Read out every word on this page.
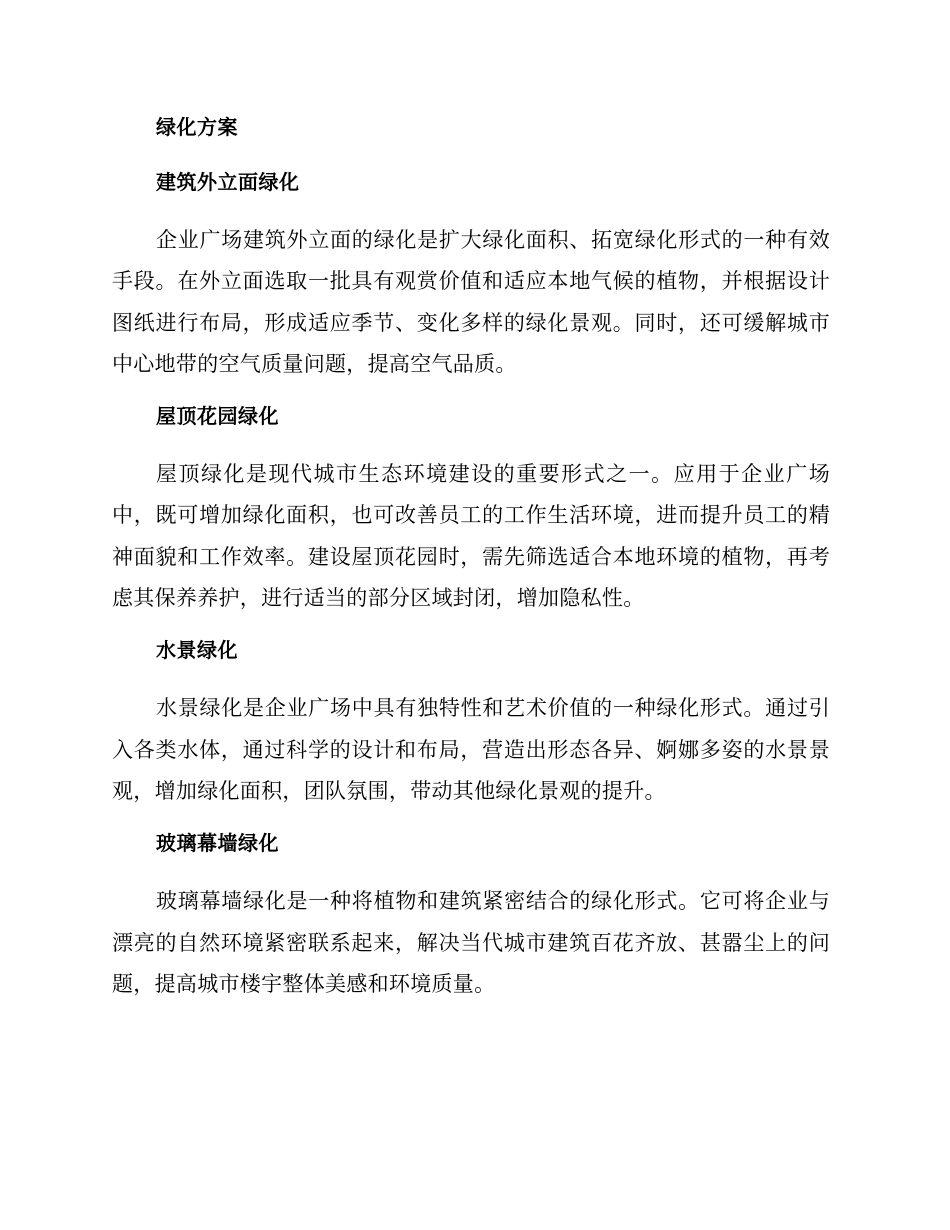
绿化方案
建筑外立面绿化

企业广场建筑外立面的绿化是扩大绿化面积、拓宽绿化形式的一种有效手段。在外立面选取一批具有观赏价值和适应本地气候的植物，并根据设计图纸进行布局，形成适应季节、变化多样的绿化景观。同时，还可缓解城市中心地带的空气质量问题，提高空气品质。

屋顶花园绿化

屋顶绿化是现代城市生态环境建设的重要形式之一。应用于企业广场中，既可增加绿化面积，也可改善员工的工作生活环境，进而提升员工的精神面貌和工作效率。建设屋顶花园时，需先筛选适合本地环境的植物，再考虑其保养养护，进行适当的部分区域封闭，增加隐私性。

水景绿化

水景绿化是企业广场中具有独特性和艺术价值的一种绿化形式。通过引入各类水体，通过科学的设计和布局，营造出形态各异、婀娜多姿的水景景观，增加绿化面积，团队氛围，带动其他绿化景观的提升。

玻璃幕墙绿化

玻璃幕墙绿化是一种将植物和建筑紧密结合的绿化形式。它可将企业与漂亮的自然环境紧密联系起来，解决当代城市建筑百花齐放、甚嚣尘上的问题，提高城市楼宇整体美感和环境质量。
